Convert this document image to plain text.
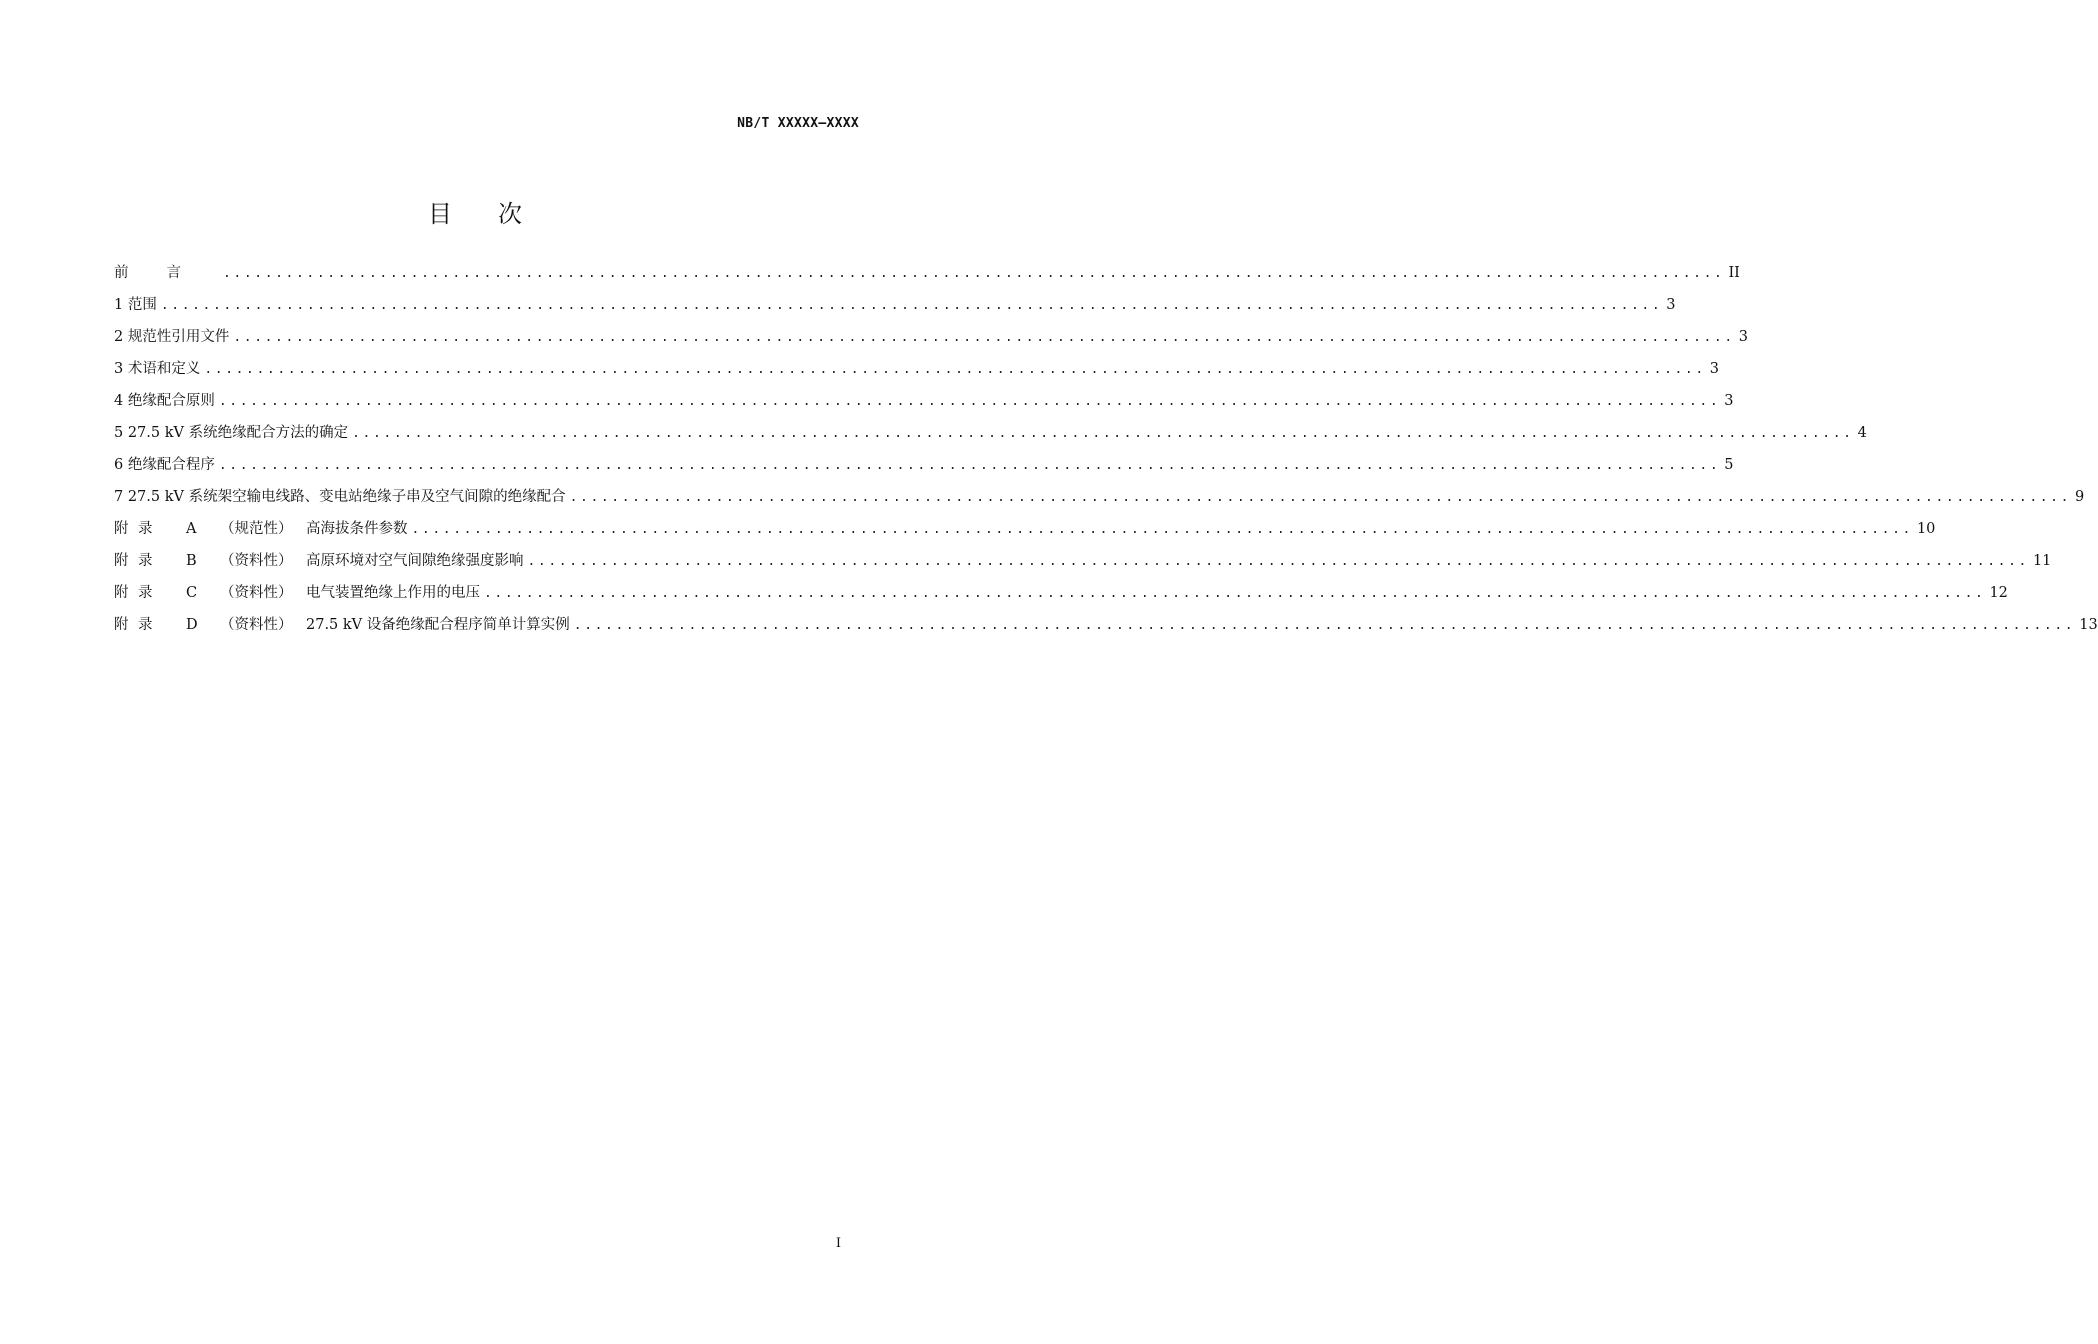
NB/T XXXXX—XXXX
目次
前言 ................................................................................................................................................ II
1 范围 ................................................................................................................................................ 3
2 规范性引用文件 ................................................................................................................................................ 3
3 术语和定义 ................................................................................................................................................ 3
4 绝缘配合原则 ................................................................................................................................................ 3
5 27.5 kV 系统绝缘配合方法的确定 ................................................................................................................................................ 4
6 绝缘配合程序 ................................................................................................................................................ 5
7 27.5 kV 系统架空输电线路、变电站绝缘子串及空气间隙的绝缘配合 ................................................................................................................................................ 9
附 录 A （规范性） 高海拔条件参数 ................................................................................................................................................ 10
附 录 B （资料性） 高原环境对空气间隙绝缘强度影响 ................................................................................................................................................ 11
附 录 C （资料性） 电气装置绝缘上作用的电压 ................................................................................................................................................ 12
附 录 D （资料性） 27.5 kV 设备绝缘配合程序简单计算实例 ................................................................................................................................................ 13
I
